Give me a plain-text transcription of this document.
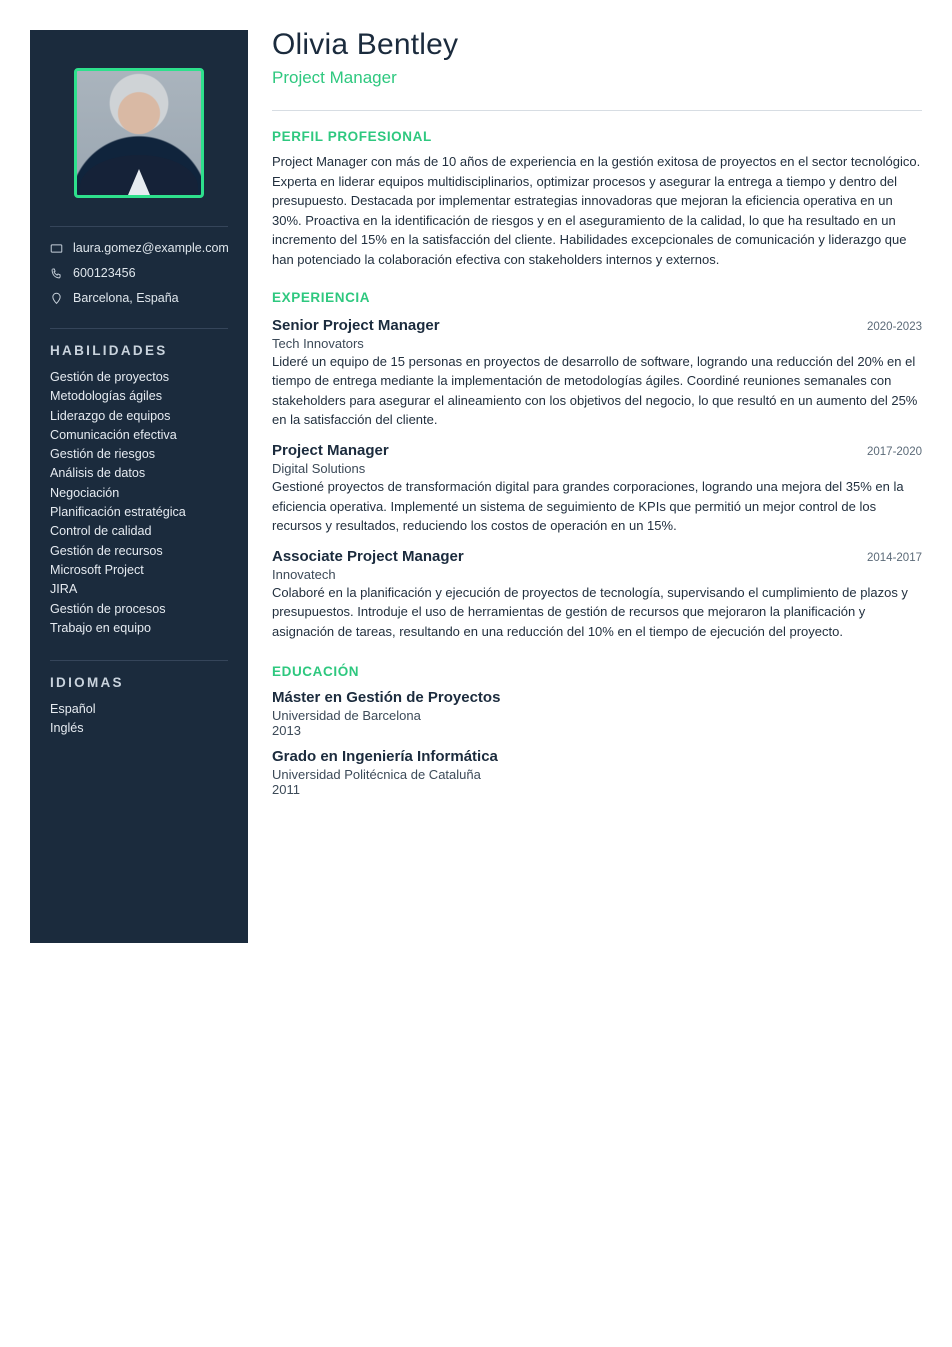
laura.gomez@example.com
600123456
Barcelona, España
HABILIDADES
Gestión de proyectos
Metodologías ágiles
Liderazgo de equipos
Comunicación efectiva
Gestión de riesgos
Análisis de datos
Negociación
Planificación estratégica
Control de calidad
Gestión de recursos
Microsoft Project
JIRA
Gestión de procesos
Trabajo en equipo
IDIOMAS
Español
Inglés
Olivia Bentley

Project Manager

PERFIL PROFESIONAL

Project Manager con más de 10 años de experiencia en la gestión exitosa de proyectos en el sector tecnológico. Experta en liderar equipos multidisciplinarios, optimizar procesos y asegurar la entrega a tiempo y dentro del presupuesto. Destacada por implementar estrategias innovadoras que mejoran la eficiencia operativa en un 30%. Proactiva en la identificación de riesgos y en el aseguramiento de la calidad, lo que ha resultado en un incremento del 15% en la satisfacción del cliente. Habilidades excepcionales de comunicación y liderazgo que han potenciado la colaboración efectiva con stakeholders internos y externos.

EXPERIENCIA
Senior Project Manager	2020-2023

Tech Innovators

Lideré un equipo de 15 personas en proyectos de desarrollo de software, logrando una reducción del 20% en el tiempo de entrega mediante la implementación de metodologías ágiles. Coordiné reuniones semanales con stakeholders para asegurar el alineamiento con los objetivos del negocio, lo que resultó en un aumento del 25% en la satisfacción del cliente.

Project Manager	2017-2020

Digital Solutions

Gestioné proyectos de transformación digital para grandes corporaciones, logrando una mejora del 35% en la eficiencia operativa. Implementé un sistema de seguimiento de KPIs que permitió un mejor control de los recursos y resultados, reduciendo los costos de operación en un 15%.

Associate Project Manager	2014-2017

Innovatech

Colaboré en la planificación y ejecución de proyectos de tecnología, supervisando el cumplimiento de plazos y presupuestos. Introduje el uso de herramientas de gestión de recursos que mejoraron la planificación y asignación de tareas, resultando en una reducción del 10% en el tiempo de ejecución del proyecto.

EDUCACIÓN
Máster en Gestión de Proyectos

Universidad de Barcelona

2013

Grado en Ingeniería Informática

Universidad Politécnica de Cataluña

2011
